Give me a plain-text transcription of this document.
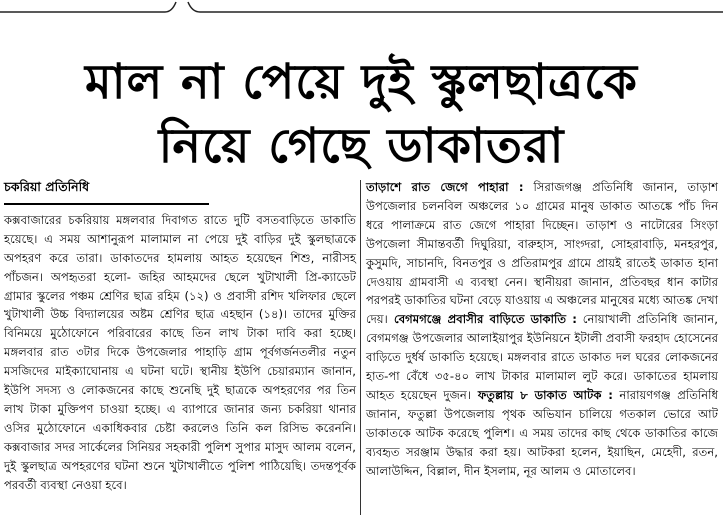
মাল না পেয়ে দুই স্কুলছাত্রকে
নিয়ে গেছে ডাকাতরা
চকরিয়া প্রতিনিধি

কক্সবাজারের চকরিয়ায় মঙ্গলবার দিবাগত রাতে দুটি বসতবাড়িতে ডাকাতি হয়েছে। এ সময় আশানুরূপ মালামাল না পেয়ে দুই বাড়ির দুই স্কুলছাত্রকে অপহরণ করে তারা। ডাকাতদের হামলায় আহত হয়েছেন শিশু, নারীসহ পাঁচজন। অপহৃতরা হলো- জহির আহমদের ছেলে খুটাখালী প্রি-ক্যাডেট গ্রামার স্কুলের পঞ্চম শ্রেণির ছাত্র রহিম (১২) ও প্রবাসী রশিদ খলিফার ছেলে খুটাখালী উচ্চ বিদ্যালয়ের অষ্টম শ্রেণির ছাত্র এহছান (১৪)। তাদের মুক্তির বিনিময়ে মুঠোফোনে পরিবারের কাছে তিন লাখ টাকা দাবি করা হচ্ছে। মঙ্গলবার রাত ৩টার দিকে উপজেলার পাহাড়ি গ্রাম পূর্বগর্জনতলীর নতুন মসজিদের মাইক্যাঘোনায় এ ঘটনা ঘটে। স্থানীয় ইউপি চেয়ারম্যান জানান, ইউপি সদস্য ও লোকজনের কাছে শুনেছি দুই ছাত্রকে অপহরণের পর তিন লাখ টাকা মুক্তিপণ চাওয়া হচ্ছে। এ ব্যাপারে জানার জন্য চকরিয়া থানার ওসির মুঠোফোনে একাধিকবার চেষ্টা করলেও তিনি কল রিসিভ করেননি। কক্সবাজার সদর সার্কেলের সিনিয়র সহকারী পুলিশ সুপার মাসুদ আলম বলেন, দুই স্কুলছাত্র অপহরণের ঘটনা শুনে খুটাখালীতে পুলিশ পাঠিয়েছি। তদন্তপূর্বক পরবর্তী ব্যবস্থা নেওয়া হবে।

তাড়াশে রাত জেগে পাহারা : সিরাজগঞ্জ প্রতিনিধি জানান, তাড়াশ উপজেলার চলনবিল অঞ্চলের ১০ গ্রামের মানুষ ডাকাত আতঙ্কে পাঁচ দিন ধরে পালাক্রমে রাত জেগে পাহারা দিচ্ছেন। তাড়াশ ও নাটোরের সিংড়া উপজেলা সীমান্তবর্তী দিঘুরিয়া, বারুহাস, সাংগ্দরা, সোহরাবাড়ি, মনহরপুর, কুসুমদি, সাচানদি, বিনতপুর ও প্রতিরামপুর গ্রামে প্রায়ই রাতেই ডাকাত হানা দেওয়ায় গ্রামবাসী এ ব্যবস্থা নেন। স্থানীয়রা জানান, প্রতিবছর ধান কাটার পরপরই ডাকাতির ঘটনা বেড়ে যাওয়ায় এ অঞ্চলের মানুষের মধ্যে আতঙ্ক দেখা দেয়। বেগমগঞ্জে প্রবাসীর বাড়িতে ডাকাতি : নোয়াখালী প্রতিনিধি জানান, বেগমগঞ্জ উপজেলার আলাইয়াপুর ইউনিয়নে ইটালী প্রবাসী ফরহাদ হোসেনের বাড়িতে দুর্ধর্ষ ডাকাতি হয়েছে। মঙ্গলবার রাতে ডাকাত দল ঘরের লোকজনের হাত-পা বেঁধে ৩৫-৪০ লাখ টাকার মালামাল লুট করে। ডাকাতের হামলায় আহত হয়েছেন দুজন। ফতুল্লায় ৮ ডাকাত আটক : নারায়ণগঞ্জ প্রতিনিধি জানান, ফতুল্লা উপজেলায় পৃথক অভিযান চালিয়ে গতকাল ভোরে আট ডাকাতকে আটক করেছে পুলিশ। এ সময় তাদের কাছ থেকে ডাকাতির কাজে ব্যবহৃত সরঞ্জাম উদ্ধার করা হয়। আটকরা হলেন, ইয়াছিন, মেহেদী, রতন, আলাউদ্দিন, বিল্লাল, দীন ইসলাম, নূর আলম ও মোতালেব।
